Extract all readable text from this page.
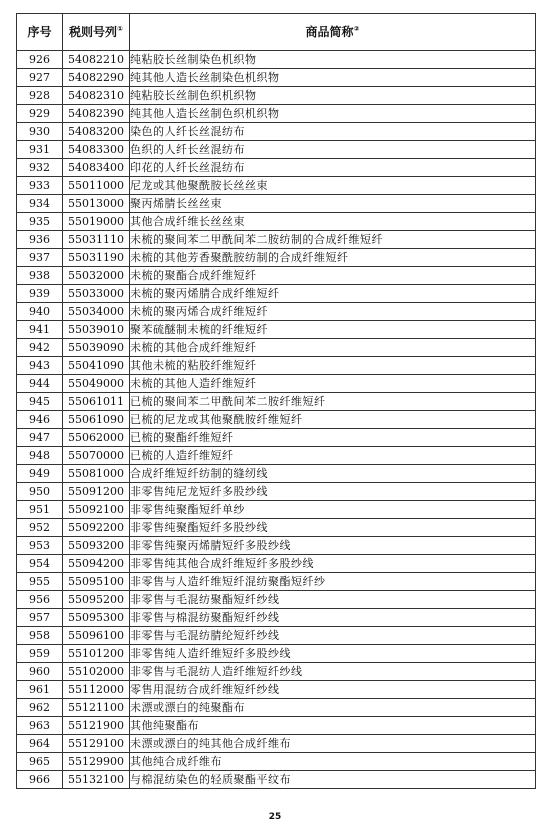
序号	税则号列①	商品简称②
926	54082210	纯粘胶长丝制染色机织物
927	54082290	纯其他人造长丝制染色机织物
928	54082310	纯粘胶长丝制色织机织物
929	54082390	纯其他人造长丝制色织机织物
930	54083200	染色的人纤长丝混纺布
931	54083300	色织的人纤长丝混纺布
932	54083400	印花的人纤长丝混纺布
933	55011000	尼龙或其他聚酰胺长丝丝束
934	55013000	聚丙烯腈长丝丝束
935	55019000	其他合成纤维长丝丝束
936	55031110	未梳的聚间苯二甲酰间苯二胺纺制的合成纤维短纤
937	55031190	未梳的其他芳香聚酰胺纺制的合成纤维短纤
938	55032000	未梳的聚酯合成纤维短纤
939	55033000	未梳的聚丙烯腈合成纤维短纤
940	55034000	未梳的聚丙烯合成纤维短纤
941	55039010	聚苯硫醚制未梳的纤维短纤
942	55039090	未梳的其他合成纤维短纤
943	55041090	其他未梳的粘胶纤维短纤
944	55049000	未梳的其他人造纤维短纤
945	55061011	已梳的聚间苯二甲酰间苯二胺纤维短纤
946	55061090	已梳的尼龙或其他聚酰胺纤维短纤
947	55062000	已梳的聚酯纤维短纤
948	55070000	已梳的人造纤维短纤
949	55081000	合成纤维短纤纺制的缝纫线
950	55091200	非零售纯尼龙短纤多股纱线
951	55092100	非零售纯聚酯短纤单纱
952	55092200	非零售纯聚酯短纤多股纱线
953	55093200	非零售纯聚丙烯腈短纤多股纱线
954	55094200	非零售纯其他合成纤维短纤多股纱线
955	55095100	非零售与人造纤维短纤混纺聚酯短纤纱
956	55095200	非零售与毛混纺聚酯短纤纱线
957	55095300	非零售与棉混纺聚酯短纤纱线
958	55096100	非零售与毛混纺腈纶短纤纱线
959	55101200	非零售纯人造纤维短纤多股纱线
960	55102000	非零售与毛混纺人造纤维短纤纱线
961	55112000	零售用混纺合成纤维短纤纱线
962	55121100	未漂或漂白的纯聚酯布
963	55121900	其他纯聚酯布
964	55129100	未漂或漂白的纯其他合成纤维布
965	55129900	其他纯合成纤维布
966	55132100	与棉混纺染色的轻质聚酯平纹布
25
